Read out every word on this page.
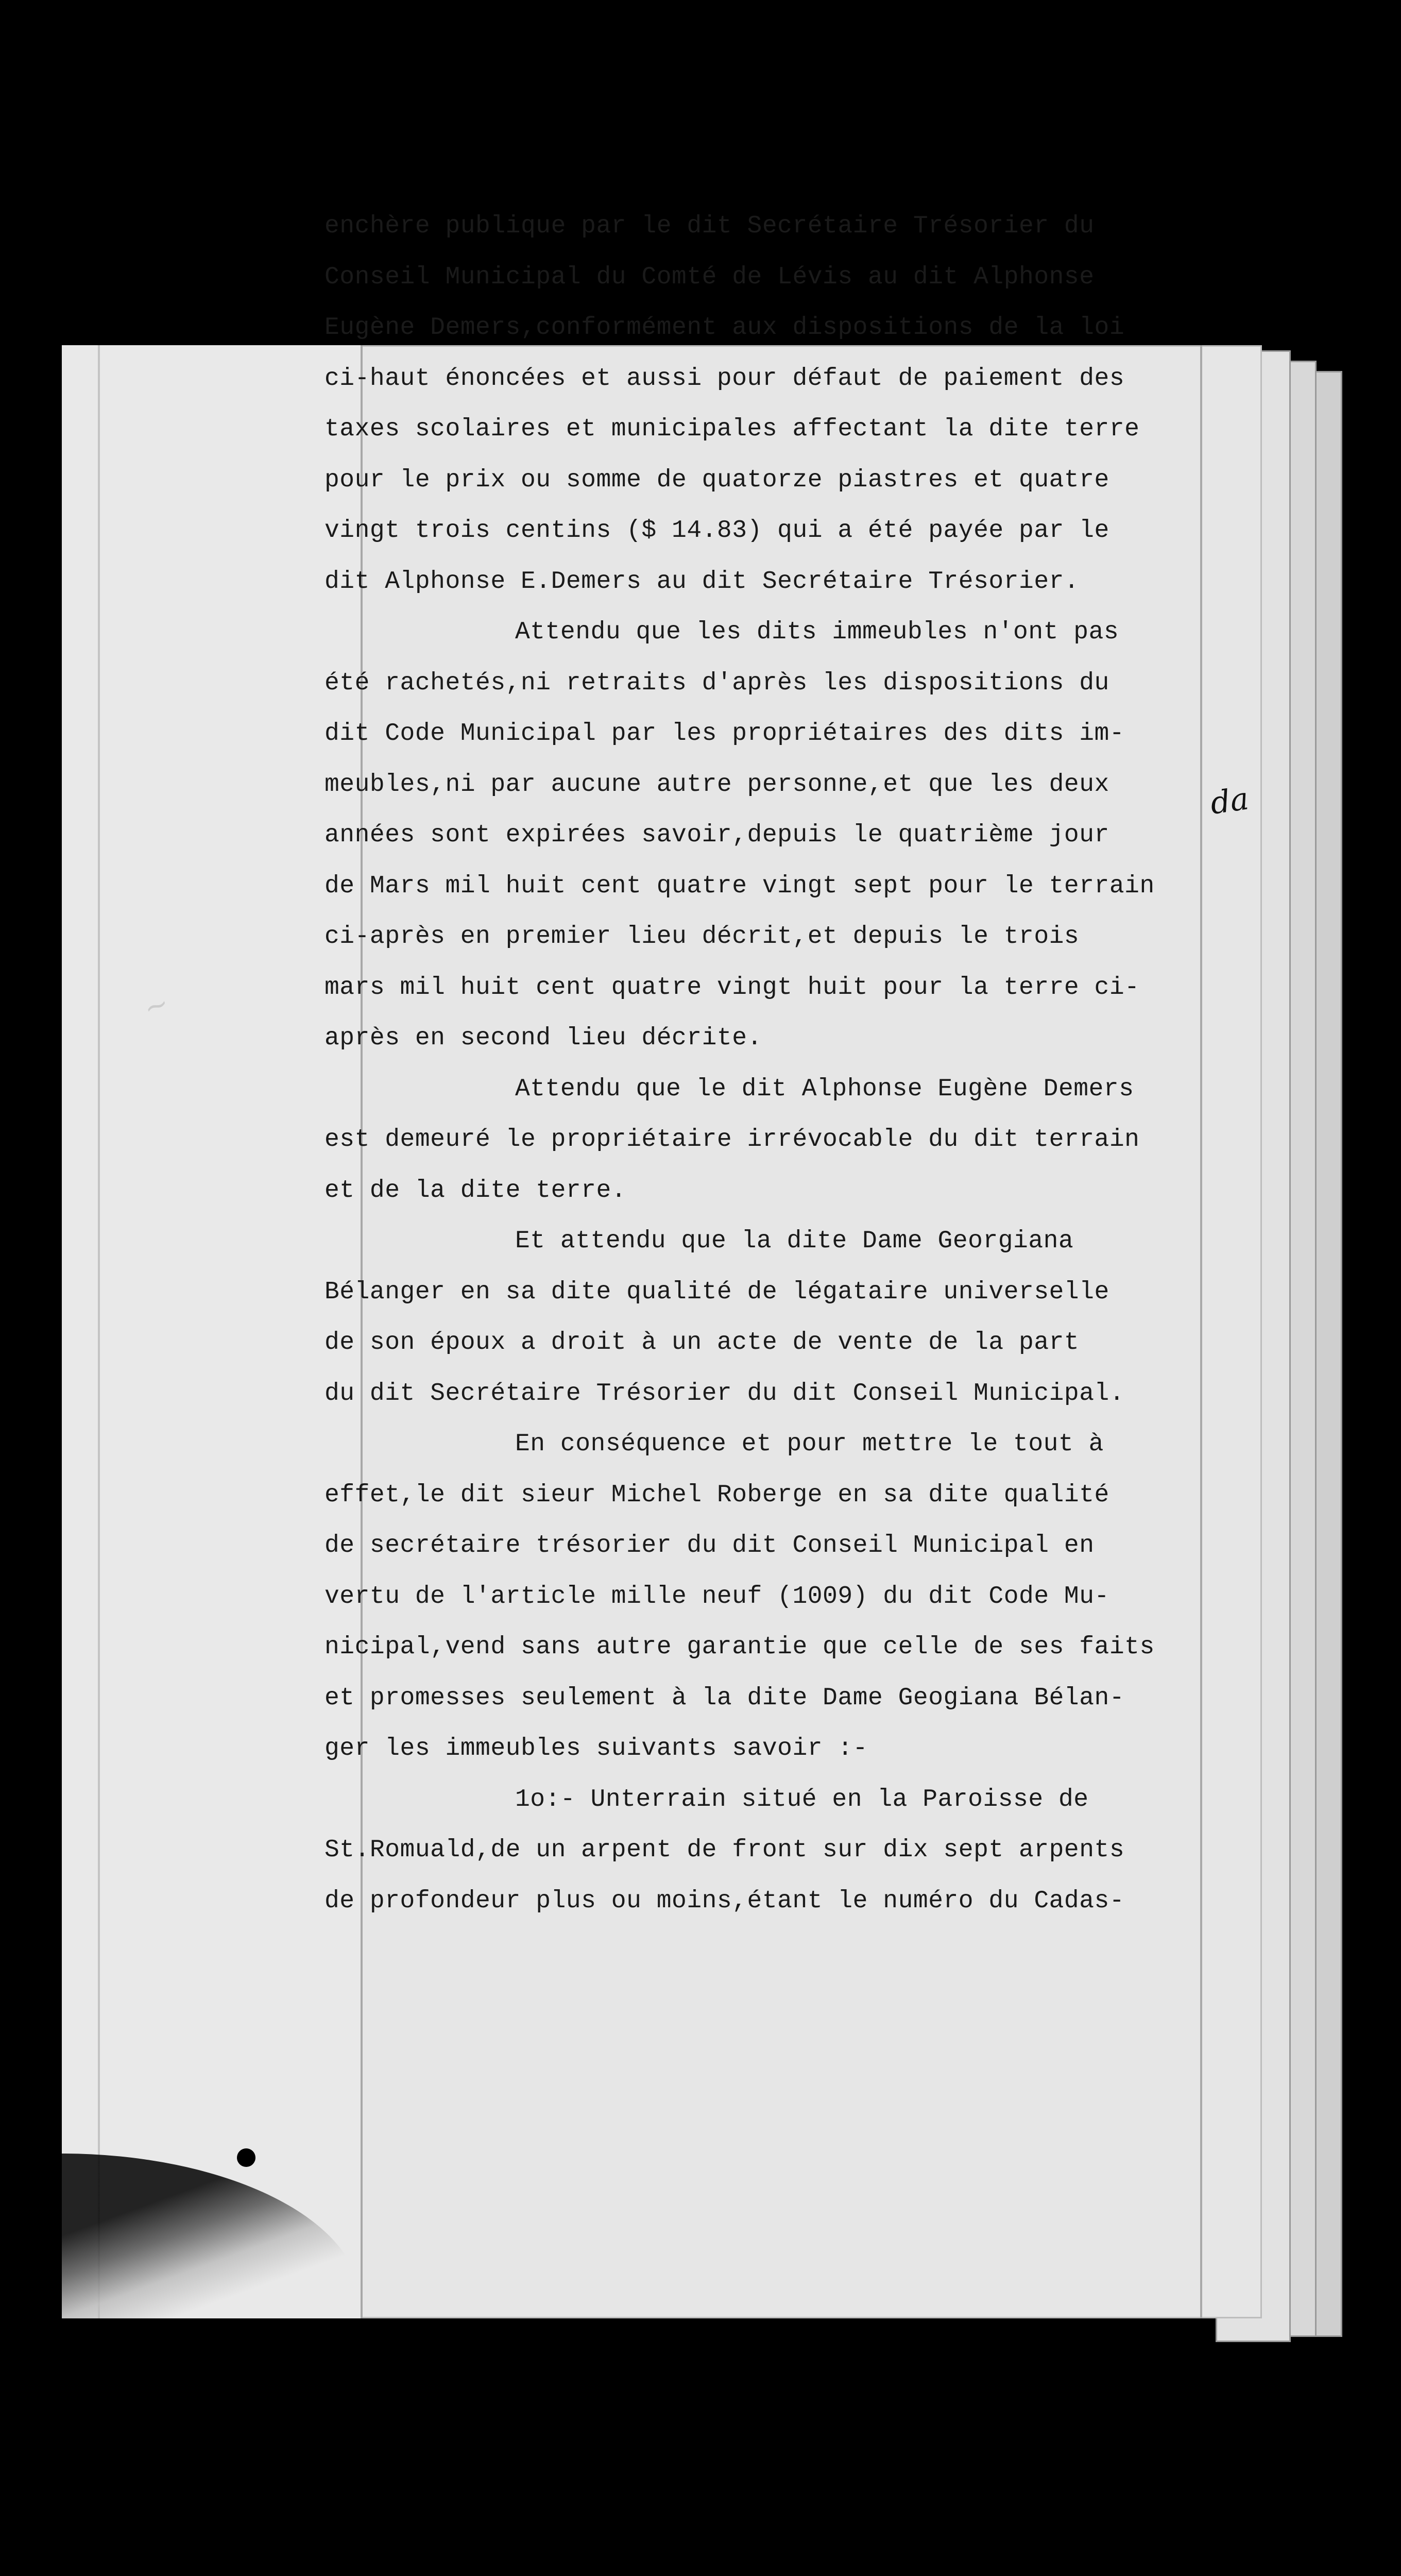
~
enchère publique par le dit Secrétaire Trésorier du
Conseil Municipal du Comté de Lévis au dit Alphonse
Eugène Demers,conformément aux dispositions de la loi
ci-haut énoncées et aussi pour défaut de paiement des
taxes scolaires et municipales affectant la dite terre
pour le prix ou somme de quatorze piastres et quatre
vingt trois centins ($ 14.83) qui a été payée par le
dit Alphonse E.Demers au dit Secrétaire Trésorier.
Attendu que les dits immeubles n'ont pas
été rachetés,ni retraits d'après les dispositions du
dit Code Municipal par les propriétaires des dits im-
meubles,ni par aucune autre personne,et que les deux
années sont expirées savoir,depuis le quatrième jour
de Mars mil huit cent quatre vingt sept pour le terrain
ci-après en premier lieu décrit,et depuis le trois
mars mil huit cent quatre vingt huit pour la terre ci-
après en second lieu décrite.
Attendu que le dit Alphonse Eugène Demers
est demeuré le propriétaire irrévocable du dit terrain
et de la dite terre.
Et attendu que la dite Dame Georgiana
Bélanger en sa dite qualité de légataire universelle
de son époux a droit à un acte de vente de la part
du dit Secrétaire Trésorier du dit Conseil Municipal.
En conséquence et pour mettre le tout à
effet,le dit sieur Michel Roberge en sa dite qualité
de secrétaire trésorier du dit Conseil Municipal en
vertu de l'article mille neuf (1009) du dit Code Mu-
nicipal,vend sans autre garantie que celle de ses faits
et promesses seulement à la dite Dame Geogiana Bélan-
ger les immeubles suivants savoir :-
1o:- Unterrain situé en la Paroisse de
St.Romuald,de un arpent de front sur dix sept arpents
de profondeur plus ou moins,étant le numéro du Cadas-
da
